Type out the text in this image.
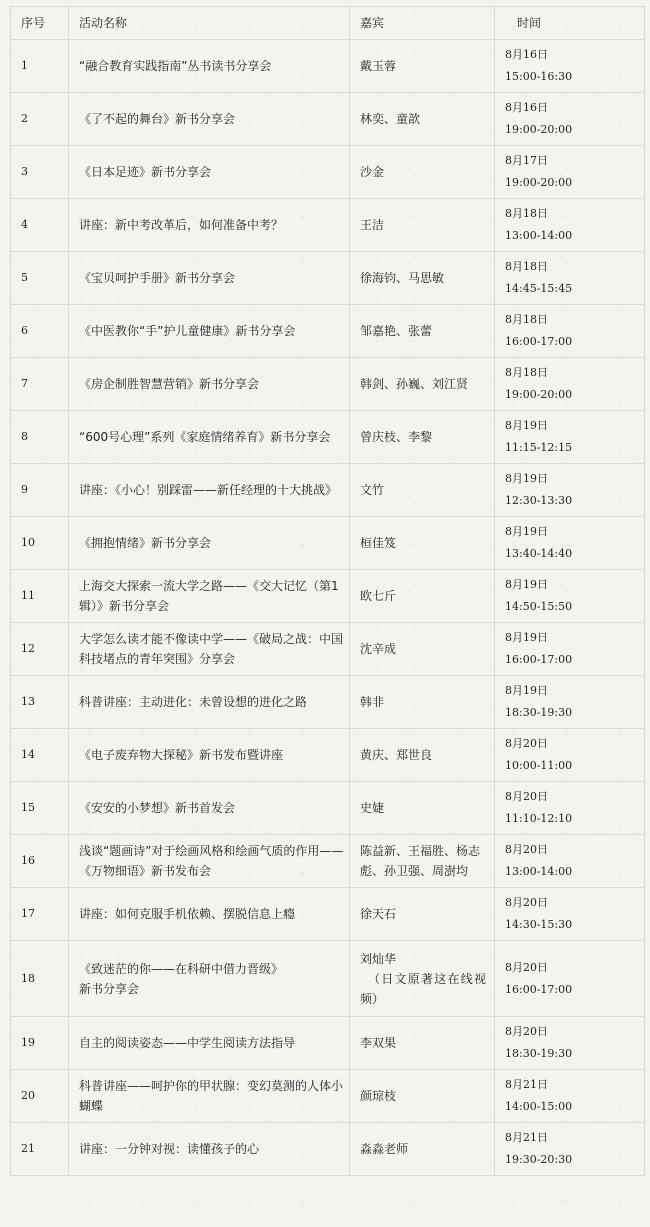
序号	活动名称	嘉宾	时间
1	“融合教育实践指南”丛书读书分享会	戴玉蓉	8月16日
15:00-16:30

2	《了不起的舞台》新书分享会	林奕、童歆	8月16日
19:00-20:00

3	《日本足迹》新书分享会	沙金	8月17日
19:00-20:00

4	讲座：新中考改革后，如何准备中考？	王洁	8月18日
13:00-14:00

5	《宝贝呵护手册》新书分享会	徐海钧、马思敏	8月18日
14:45-15:45

6	《中医教你“手”护儿童健康》新书分享会	邹嘉艳、张蕾	8月18日
16:00-17:00

7	《房企制胜智慧营销》新书分享会	韩剑、孙巍、刘江贤	8月18日
19:00-20:00

8	“600号心理”系列《家庭情绪养育》新书分享会	曾庆枝、李黎	8月19日
11:15-12:15

9	讲座：《小心！别踩雷——新任经理的十大挑战》	文竹	8月19日
12:30-13:30

10	《拥抱情绪》新书分享会	桓佳笈	8月19日
13:40-14:40

11	上海交大探索一流大学之路——《交大记忆（第1
辑）》新书分享会	欧七斤	8月19日
14:50-15:50

12	大学怎么读才能不像读中学——《破局之战：中国
科技堵点的青年突围》分享会	沈辛成	8月19日
16:00-17:00

13	科普讲座：主动进化：未曾设想的进化之路	韩非	8月19日
18:30-19:30

14	《电子废弃物大探秘》新书发布暨讲座	黄庆、郑世良	8月20日
10:00-11:00

15	《安安的小梦想》新书首发会	史婕	8月20日
11:10-12:10

16	浅谈“题画诗”对于绘画风格和绘画气质的作用——
《万物细语》新书发布会	陈益新、王福胜、杨志
彪、孙卫强、周澍均	8月20日
13:00-14:00

17	讲座：如何克服手机依赖、摆脱信息上瘾	徐天石	8月20日
14:30-15:30

18	《致迷茫的你——在科研中借力晋级》
新书分享会	刘灿华
（日文原著这在线视
频）	8月20日
16:00-17:00

19	自主的阅读姿态——中学生阅读方法指导	李双果	8月20日
18:30-19:30

20	科普讲座——呵护你的甲状腺：变幻莫测的人体小
蝴蝶	颜琼枝	8月21日
14:00-15:00

21	讲座：一分钟对视：读懂孩子的心	淼淼老师	8月21日
19:30-20:30
